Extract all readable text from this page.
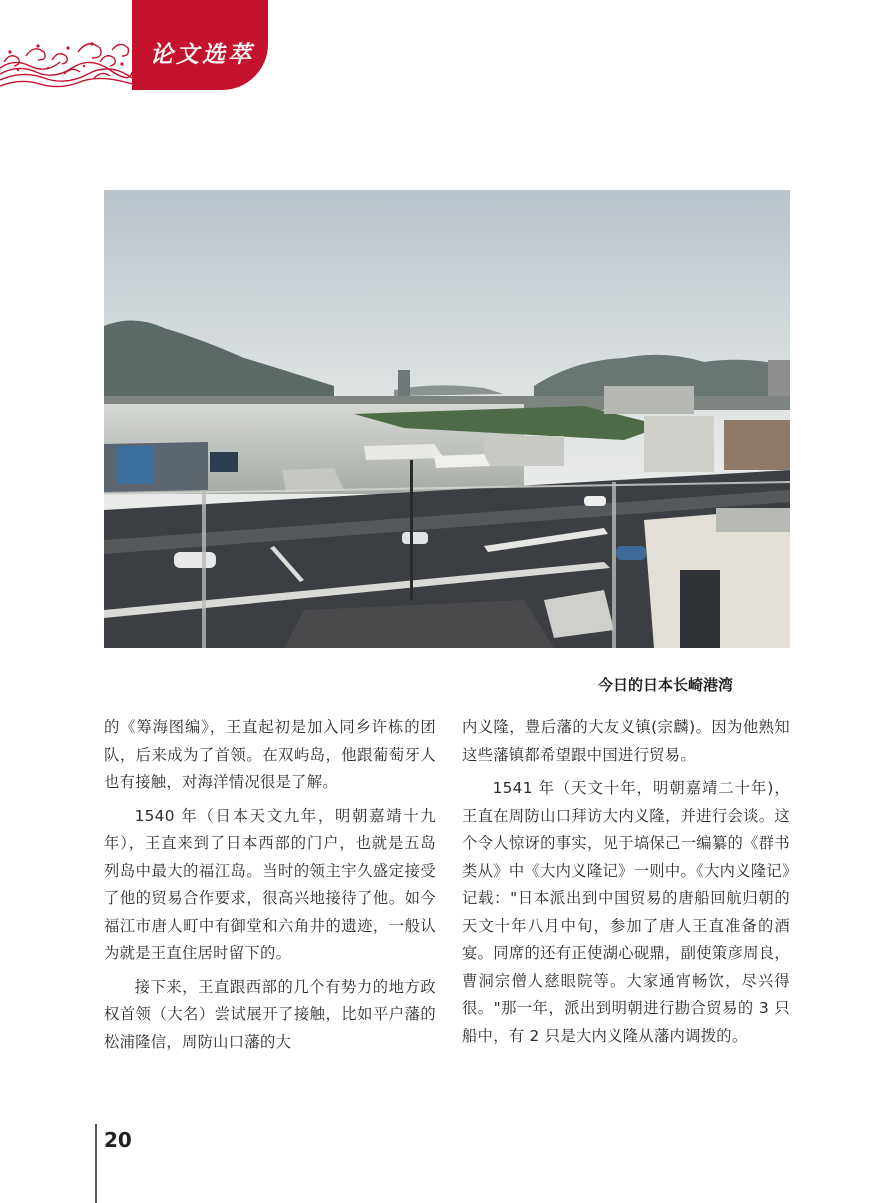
论文选萃
今日的日本长崎港湾

的《筹海图编》，王直起初是加入同乡许栋的团队，后来成为了首领。在双屿岛，他跟葡萄牙人也有接触，对海洋情况很是了解。

1540 年（日本天文九年，明朝嘉靖十九年），王直来到了日本西部的门户，也就是五岛列岛中最大的福江岛。当时的领主宇久盛定接受了他的贸易合作要求，很高兴地接待了他。如今福江市唐人町中有御堂和六角井的遗迹，一般认为就是王直住居时留下的。

接下来，王直跟西部的几个有势力的地方政权首领（大名）尝试展开了接触，比如平户藩的松浦隆信，周防山口藩的大

内义隆，豊后藩的大友义镇(宗麟)。因为他熟知这些藩镇都希望跟中国进行贸易。

1541 年（天文十年，明朝嘉靖二十年)，王直在周防山口拜访大内义隆，并进行会谈。这个令人惊讶的事实，见于塙保己一编纂的《群书类从》中《大内义隆记》一则中。《大内义隆记》记载："日本派出到中国贸易的唐船回航归朝的天文十年八月中旬，参加了唐人王直准备的酒宴。同席的还有正使湖心砚鼎，副使策彦周良，曹洞宗僧人慈眼院等。大家通宵畅饮，尽兴得很。"那一年，派出到明朝进行勘合贸易的 3 只船中，有 2 只是大内义隆从藩内调拨的。

20
